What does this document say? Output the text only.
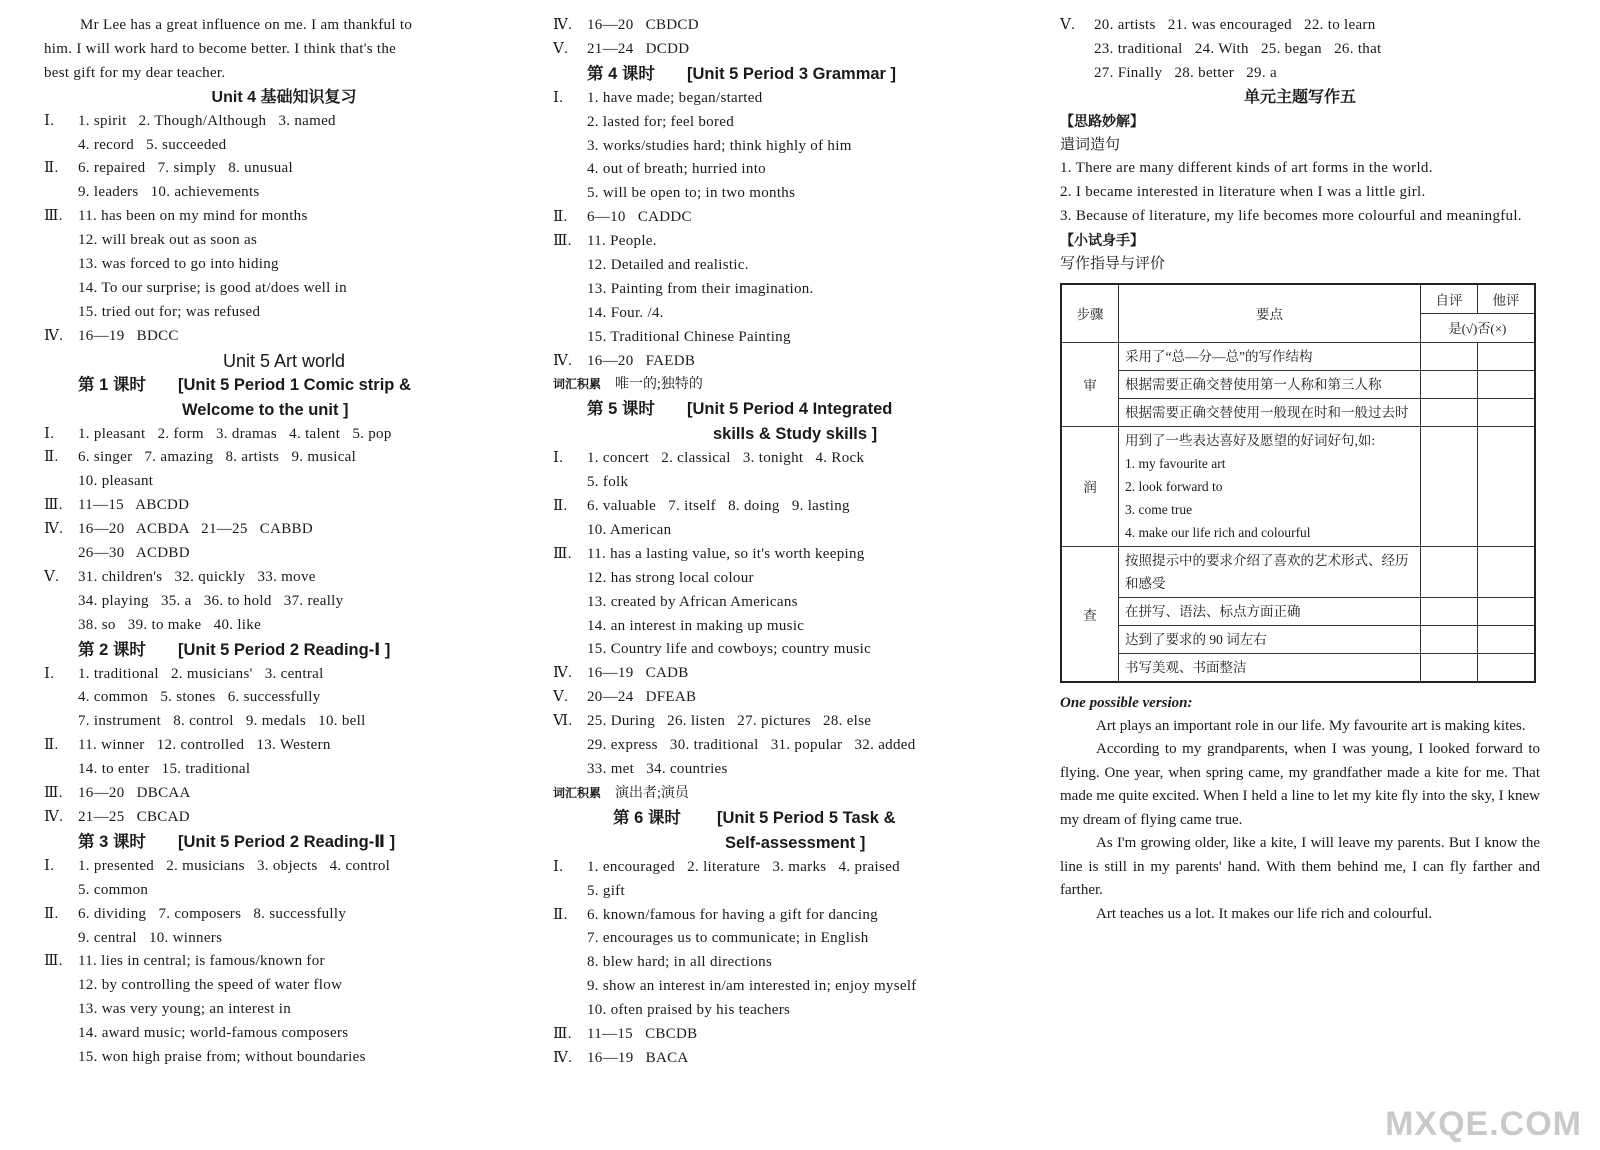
Mr Lee has a great influence on me. I am thankful to
him. I will work hard to become better. I think that's the
best gift for my dear teacher.
Unit 4 基础知识复习
Ⅰ. 1. spirit   2. Though/Although   3. named
4. record   5. succeeded
Ⅱ. 6. repaired   7. simply   8. unusual
9. leaders   10. achievements
Ⅲ. 11. has been on my mind for months
12. will break out as soon as
13. was forced to go into hiding
14. To our surprise; is good at/does well in
15. tried out for; was refused
Ⅳ. 16—19   BDCC
Unit 5 Art world
第 1 课时 [Unit 5 Period 1 Comic strip &
Welcome to the unit ]
Ⅰ. 1. pleasant   2. form   3. dramas   4. talent   5. pop
Ⅱ. 6. singer   7. amazing   8. artists   9. musical
10. pleasant
Ⅲ. 11—15   ABCDD
Ⅳ. 16—20   ACBDA   21—25   CABBD
26—30   ACDBD
Ⅴ. 31. children's   32. quickly   33. move
34. playing   35. a   36. to hold   37. really
38. so   39. to make   40. like
第 2 课时 [Unit 5 Period 2 Reading-Ⅰ ]
Ⅰ. 1. traditional   2. musicians'   3. central
4. common   5. stones   6. successfully
7. instrument   8. control   9. medals   10. bell
Ⅱ. 11. winner   12. controlled   13. Western
14. to enter   15. traditional
Ⅲ. 16—20   DBCAA
Ⅳ. 21—25   CBCAD
第 3 课时 [Unit 5 Period 2 Reading-Ⅱ ]
Ⅰ. 1. presented   2. musicians   3. objects   4. control
5. common
Ⅱ. 6. dividing   7. composers   8. successfully
9. central   10. winners
Ⅲ. 11. lies in central; is famous/known for
12. by controlling the speed of water flow
13. was very young; an interest in
14. award music; world-famous composers
15. won high praise from; without boundaries
Ⅳ. 16—20   CBDCD
Ⅴ. 21—24   DCDD
第 4 课时 [Unit 5 Period 3 Grammar ]
Ⅰ. 1. have made; began/started
2. lasted for; feel bored
3. works/studies hard; think highly of him
4. out of breath; hurried into
5. will be open to; in two months
Ⅱ. 6—10   CADDC
Ⅲ. 11. People.
12. Detailed and realistic.
13. Painting from their imagination.
14. Four. /4.
15. Traditional Chinese Painting
Ⅳ. 16—20   FAEDB
词汇积累 唯一的;独特的
第 5 课时 [Unit 5 Period 4 Integrated
skills & Study skills ]
Ⅰ. 1. concert   2. classical   3. tonight   4. Rock
5. folk
Ⅱ. 6. valuable   7. itself   8. doing   9. lasting
10. American
Ⅲ. 11. has a lasting value, so it's worth keeping
12. has strong local colour
13. created by African Americans
14. an interest in making up music
15. Country life and cowboys; country music
Ⅳ. 16—19   CADB
Ⅴ. 20—24   DFEAB
Ⅵ. 25. During   26. listen   27. pictures   28. else
29. express   30. traditional   31. popular   32. added
33. met   34. countries
词汇积累 演出者;演员
第 6 课时 [Unit 5 Period 5 Task &
Self-assessment ]
Ⅰ. 1. encouraged   2. literature   3. marks   4. praised
5. gift
Ⅱ. 6. known/famous for having a gift for dancing
7. encourages us to communicate; in English
8. blew hard; in all directions
9. show an interest in/am interested in; enjoy myself
10. often praised by his teachers
Ⅲ. 11—15   CBCDB
Ⅳ. 16—19   BACA
Ⅴ. 20. artists   21. was encouraged   22. to learn
23. traditional   24. With   25. began   26. that
27. Finally   28. better   29. a
单元主题写作五
【思路妙解】
遣词造句
1. There are many different kinds of art forms in the world.
2. I became interested in literature when I was a little girl.
3. Because of literature, my life becomes more colourful and meaningful.
【小试身手】
写作指导与评价
步骤	要点	自评	他评
		是(√)否(×)	
审	采用了“总—分—总”的写作结构		
	根据需要正确交替使用第一人称和第三人称		
	根据需要正确交替使用一般现在时和一般过去时		
润	用到了一些表达喜好及愿望的好词好句,如:
1. my favourite art
2. look forward to
3. come true
4. make our life rich and colourful		
查	按照提示中的要求介绍了喜欢的艺术形式、经历和感受		
	在拼写、语法、标点方面正确		
	达到了要求的 90 词左右		
	书写美观、书面整洁		
One possible version:

Art plays an important role in our life. My favourite art is making kites.

According to my grandparents, when I was young, I looked forward to flying. One year, when spring came, my grandfather made a kite for me. That made me quite excited. When I held a line to let my kite fly into the sky, I knew my dream of flying came true.

As I'm growing older, like a kite, I will leave my parents. But I know the line is still in my parents' hand. With them behind me, I can fly farther and farther.

Art teaches us a lot. It makes our life rich and colourful.

MXQE.COM
